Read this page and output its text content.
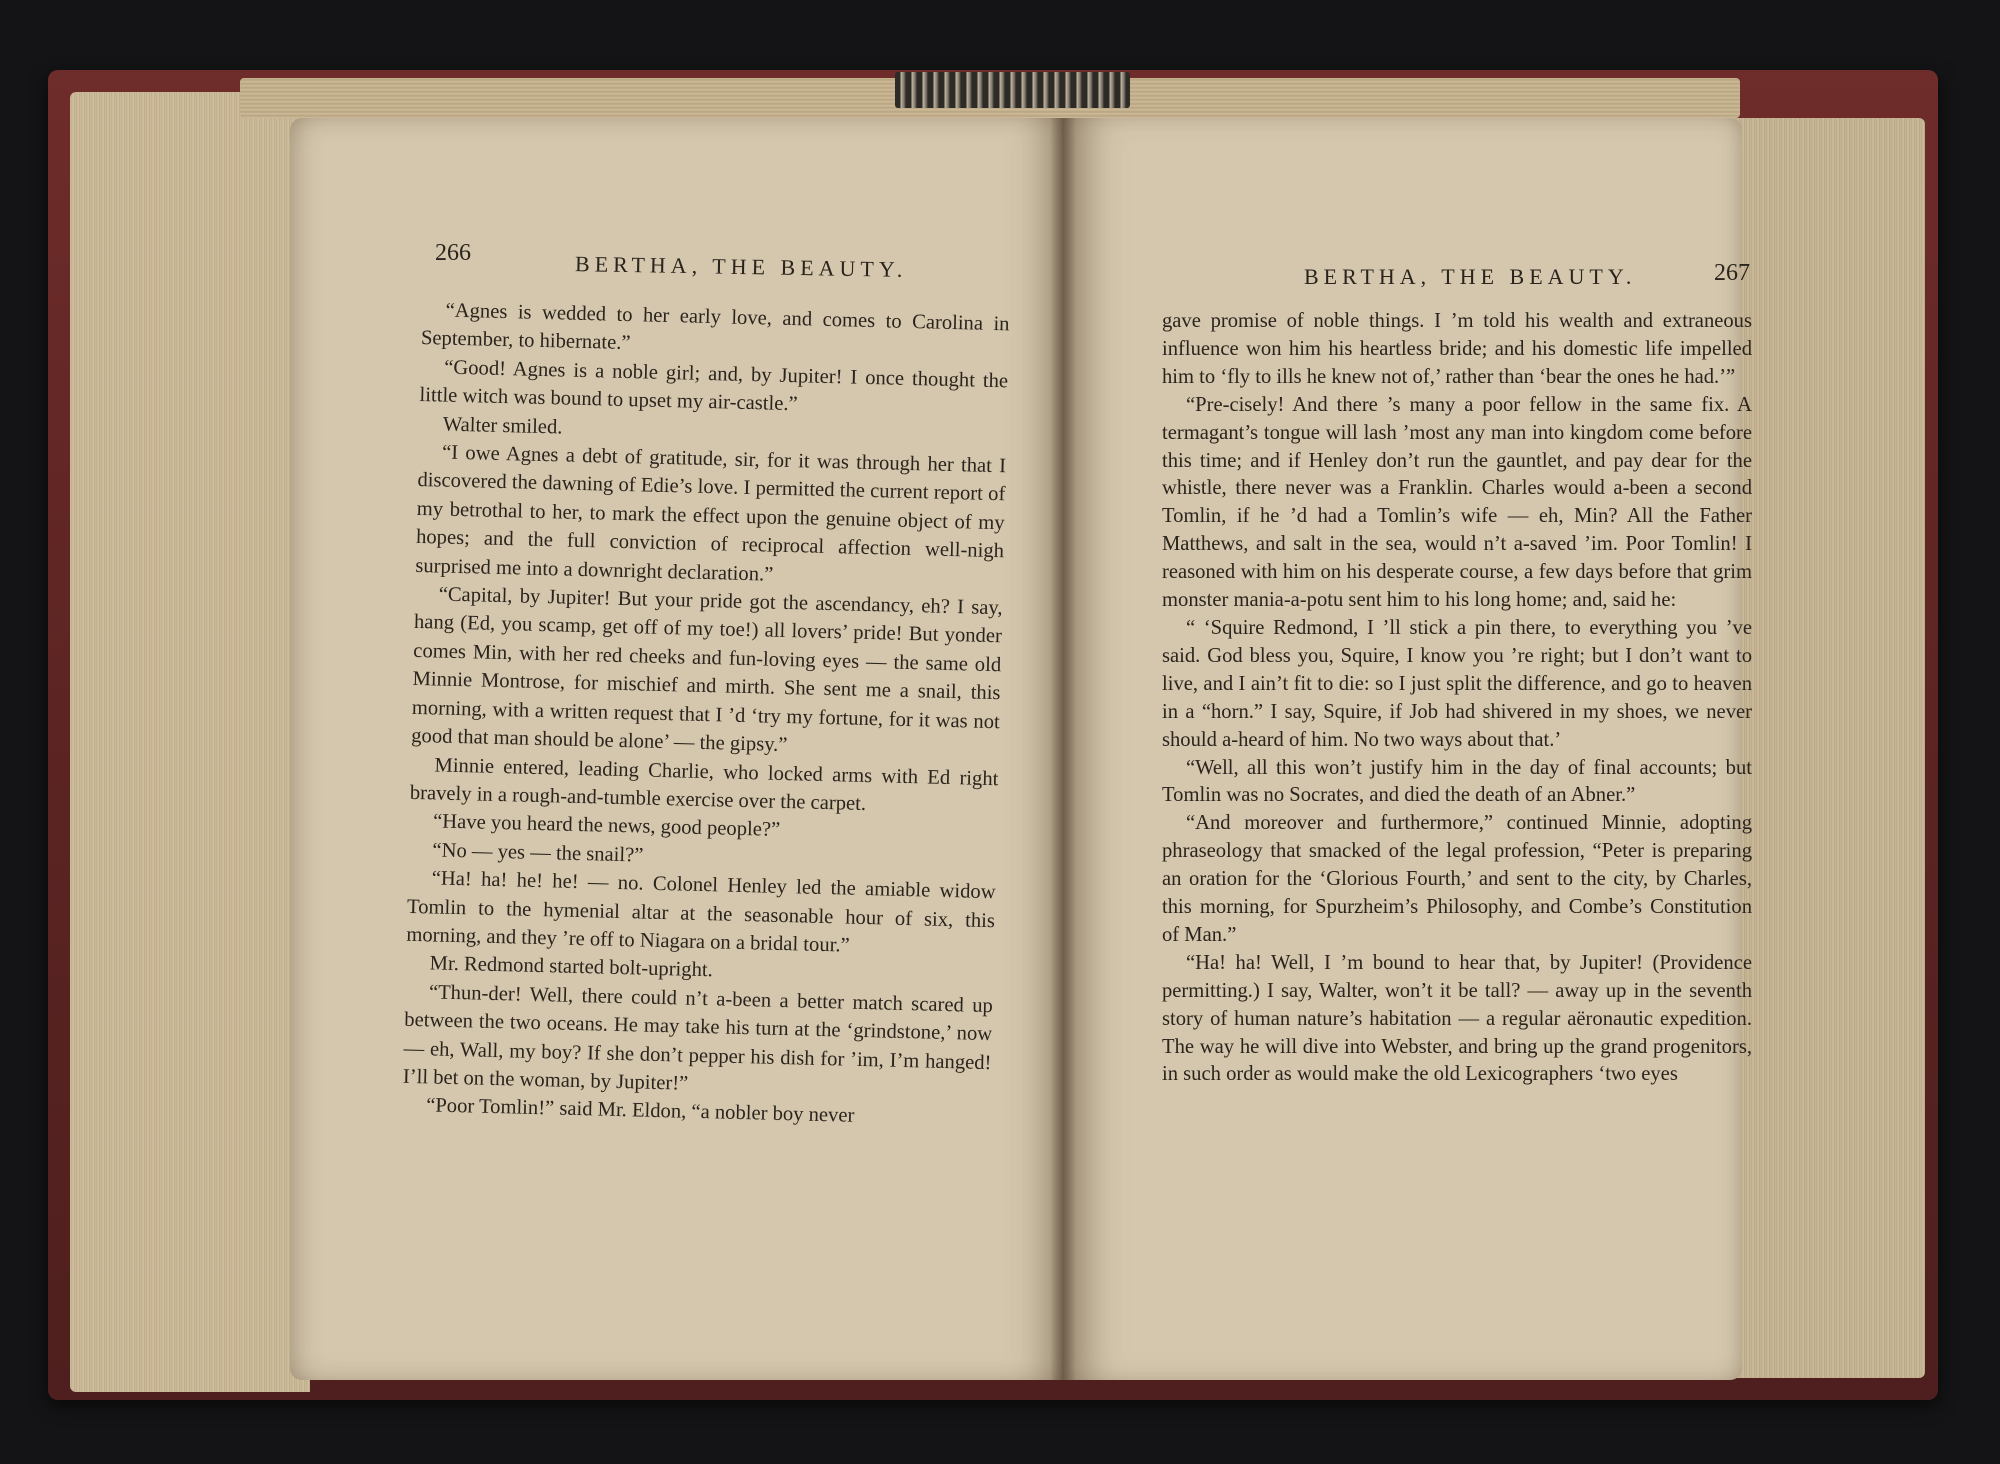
266	BERTHA, THE BEAUTY.

“Agnes is wedded to her early love, and comes to Carolina in September, to hibernate.”

“Good! Agnes is a noble girl; and, by Jupiter! I once thought the little witch was bound to upset my air-castle.”

Walter smiled.

“I owe Agnes a debt of gratitude, sir, for it was through her that I discovered the dawning of Edie’s love. I permitted the current report of my betrothal to her, to mark the effect upon the genuine object of my hopes; and the full conviction of reciprocal affection well-nigh surprised me into a downright declaration.”

“Capital, by Jupiter! But your pride got the ascendancy, eh? I say, hang (Ed, you scamp, get off of my toe!) all lovers’ pride! But yonder comes Min, with her red cheeks and fun-loving eyes — the same old Minnie Montrose, for mischief and mirth. She sent me a snail, this morning, with a written request that I ’d ‘try my fortune, for it was not good that man should be alone’ — the gipsy.”

Minnie entered, leading Charlie, who locked arms with Ed right bravely in a rough-and-tumble exercise over the carpet.

“Have you heard the news, good people?”

“No — yes — the snail?”

“Ha! ha! he! he! — no. Colonel Henley led the amiable widow Tomlin to the hymenial altar at the seasonable hour of six, this morning, and they ’re off to Niagara on a bridal tour.”

Mr. Redmond started bolt-upright.

“Thun-der! Well, there could n’t a-been a better match scared up between the two oceans. He may take his turn at the ‘grindstone,’ now — eh, Wall, my boy? If she don’t pepper his dish for ’im, I’m hanged! I’ll bet on the woman, by Jupiter!”

“Poor Tomlin!” said Mr. Eldon, “a nobler boy never

BERTHA, THE BEAUTY.	267

gave promise of noble things. I ’m told his wealth and extraneous influence won him his heartless bride; and his domestic life impelled him to ‘fly to ills he knew not of,’ rather than ‘bear the ones he had.’”

“Pre-cisely! And there ’s many a poor fellow in the same fix. A termagant’s tongue will lash ’most any man into kingdom come before this time; and if Henley don’t run the gauntlet, and pay dear for the whistle, there never was a Franklin. Charles would a-been a second Tomlin, if he ’d had a Tomlin’s wife — eh, Min? All the Father Matthews, and salt in the sea, would n’t a-saved ’im. Poor Tomlin! I reasoned with him on his desperate course, a few days before that grim monster mania-a-potu sent him to his long home; and, said he:

“ ‘Squire Redmond, I ’ll stick a pin there, to everything you ’ve said. God bless you, Squire, I know you ’re right; but I don’t want to live, and I ain’t fit to die: so I just split the difference, and go to heaven in a “horn.” I say, Squire, if Job had shivered in my shoes, we never should a-heard of him. No two ways about that.’

“Well, all this won’t justify him in the day of final accounts; but Tomlin was no Socrates, and died the death of an Abner.”

“And moreover and furthermore,” continued Minnie, adopting phraseology that smacked of the legal profession, “Peter is preparing an oration for the ‘Glorious Fourth,’ and sent to the city, by Charles, this morning, for Spurzheim’s Philosophy, and Combe’s Constitution of Man.”

“Ha! ha! Well, I ’m bound to hear that, by Jupiter! (Providence permitting.) I say, Walter, won’t it be tall? — away up in the seventh story of human nature’s habitation — a regular aëronautic expedition. The way he will dive into Webster, and bring up the grand progenitors, in such order as would make the old Lexicographers ‘two eyes
